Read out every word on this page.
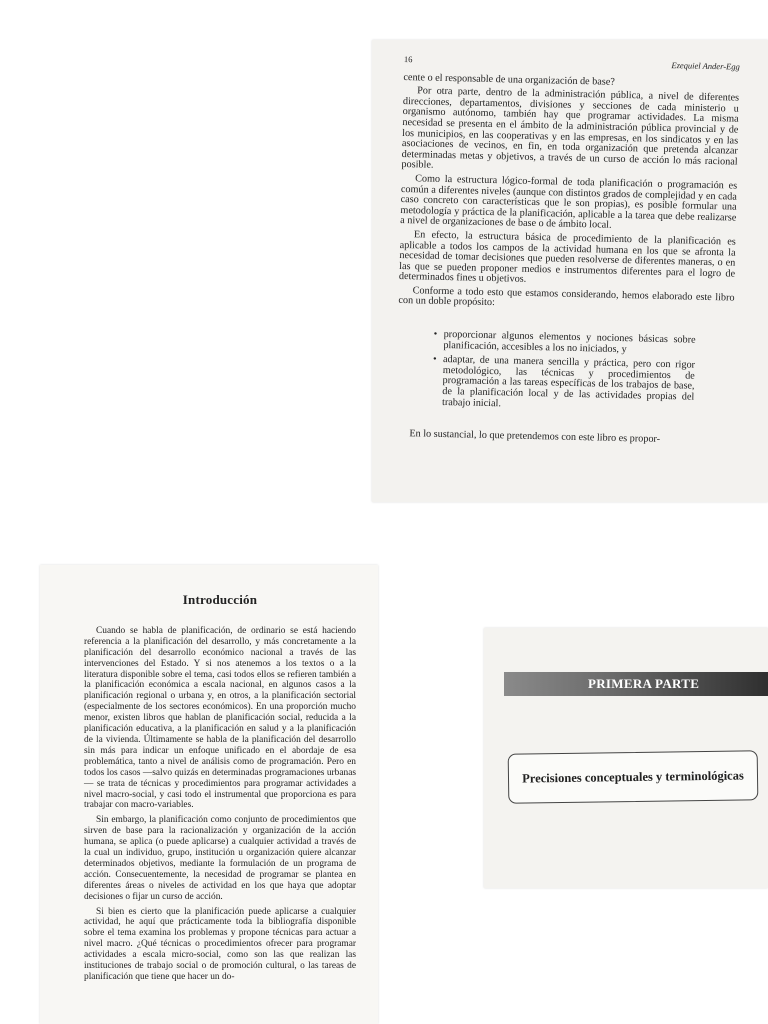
16
Ezequiel Ander-Egg

cente o el responsable de una organización de base?

Por otra parte, dentro de la administración pública, a nivel de diferentes direcciones, departamentos, divisiones y secciones de cada ministerio u organismo autónomo, también hay que programar actividades. La misma necesidad se presenta en el ámbito de la administración pública provincial y de los municipios, en las cooperativas y en las empresas, en los sindicatos y en las asociaciones de vecinos, en fin, en toda organización que pretenda alcanzar determinadas metas y objetivos, a través de un curso de acción lo más racional posible.

Como la estructura lógico-formal de toda planificación o programación es común a diferentes niveles (aunque con distintos grados de complejidad y en cada caso concreto con características que le son propias), es posible formular una metodología y práctica de la planificación, aplicable a la tarea que debe realizarse a nivel de organizaciones de base o de ámbito local.

En efecto, la estructura básica de procedimiento de la planificación es aplicable a todos los campos de la actividad humana en los que se afronta la necesidad de tomar decisiones que pueden resolverse de diferentes maneras, o en las que se pueden proponer medios e instrumentos diferentes para el logro de determinados fines u objetivos.

Conforme a todo esto que estamos considerando, hemos elaborado este libro con un doble propósito:

• proporcionar algunos elementos y nociones básicas sobre planificación, accesibles a los no iniciados, y
• adaptar, de una manera sencilla y práctica, pero con rigor metodológico, las técnicas y procedimientos de programación a las tareas específicas de los trabajos de base, de la planificación local y de las actividades propias del trabajo inicial.

En lo sustancial, lo que pretendemos con este libro es propor-

Introducción

Cuando se habla de planificación, de ordinario se está haciendo referencia a la planificación del desarrollo, y más concretamente a la planificación del desarrollo económico nacional a través de las intervenciones del Estado. Y si nos atenemos a los textos o a la literatura disponible sobre el tema, casi todos ellos se refieren también a la planificación económica a escala nacional, en algunos casos a la planificación regional o urbana y, en otros, a la planificación sectorial (especialmente de los sectores económicos). En una proporción mucho menor, existen libros que hablan de planificación social, reducida a la planificación educativa, a la planificación en salud y a la planificación de la vivienda. Últimamente se habla de la planificación del desarrollo sin más para indicar un enfoque unificado en el abordaje de esa problemática, tanto a nivel de análisis como de programación. Pero en todos los casos —salvo quizás en determinadas programaciones urbanas— se trata de técnicas y procedimientos para programar actividades a nivel macro-social, y casi todo el instrumental que proporciona es para trabajar con macro-variables.

Sin embargo, la planificación como conjunto de procedimientos que sirven de base para la racionalización y organización de la acción humana, se aplica (o puede aplicarse) a cualquier actividad a través de la cual un individuo, grupo, institución u organización quiere alcanzar determinados objetivos, mediante la formulación de un programa de acción. Consecuentemente, la necesidad de programar se plantea en diferentes áreas o niveles de actividad en los que haya que adoptar decisiones o fijar un curso de acción.

Si bien es cierto que la planificación puede aplicarse a cualquier actividad, he aquí que prácticamente toda la bibliografía disponible sobre el tema examina los problemas y propone técnicas para actuar a nivel macro. ¿Qué técnicas o procedimientos ofrecer para programar actividades a escala micro-social, como son las que realizan las instituciones de trabajo social o de promoción cultural, o las tareas de planificación que tiene que hacer un do-

PRIMERA PARTE
Precisiones conceptuales y terminológicas
